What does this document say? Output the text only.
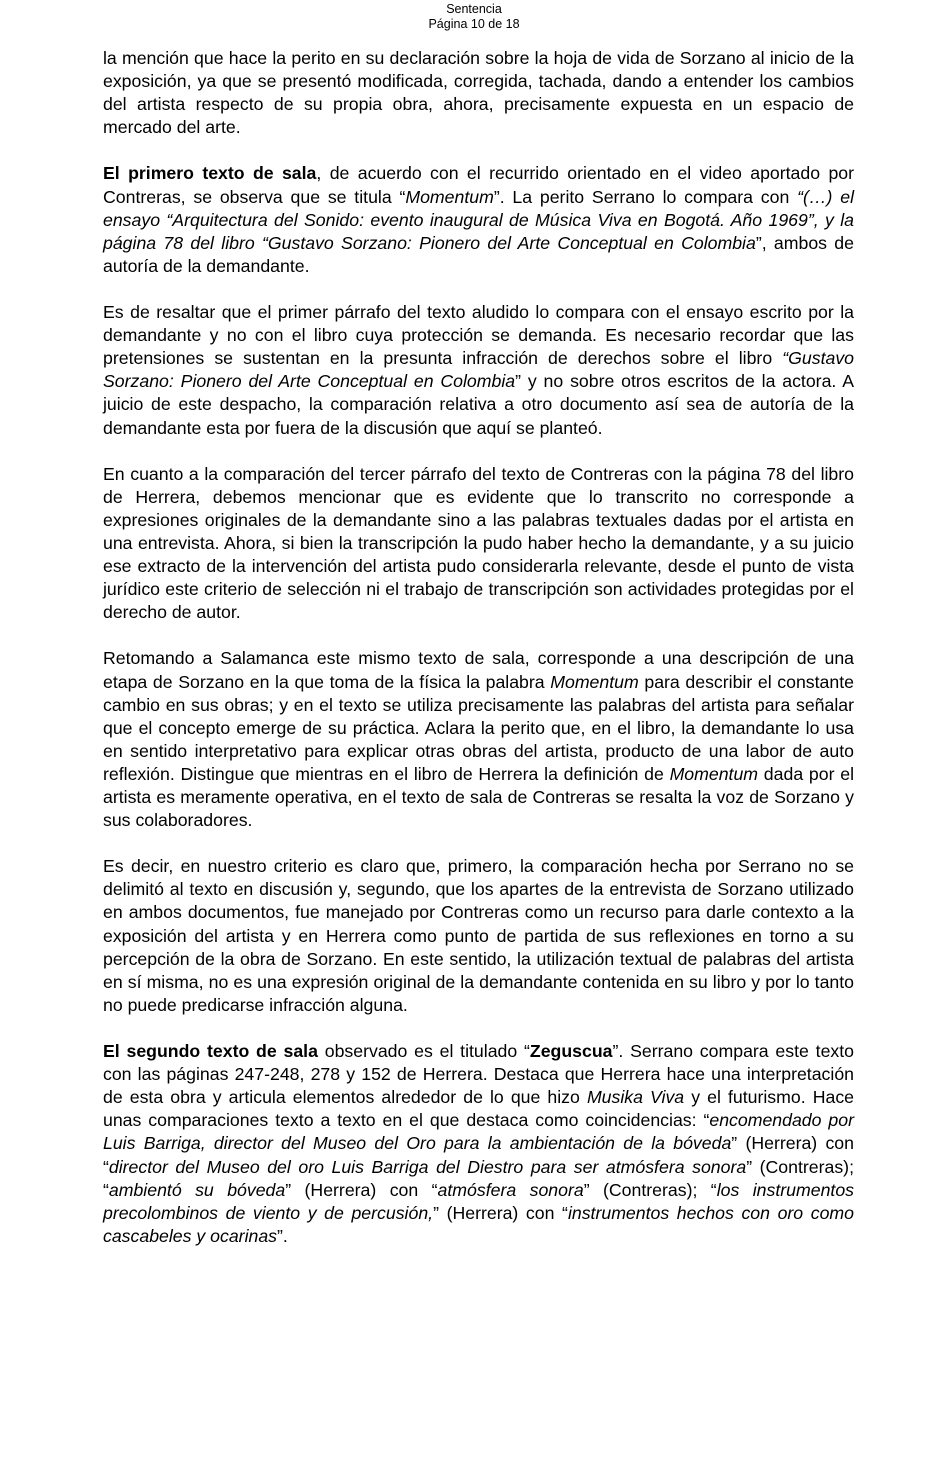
Sentencia
Página 10 de 18

la mención que hace la perito en su declaración sobre la hoja de vida de Sorzano al inicio de la exposición, ya que se presentó modificada, corregida, tachada, dando a entender los cambios del artista respecto de su propia obra, ahora, precisamente expuesta en un espacio de mercado del arte.

El primero texto de sala, de acuerdo con el recurrido orientado en el video aportado por Contreras, se observa que se titula “Momentum”. La perito Serrano lo compara con “(…) el ensayo “Arquitectura del Sonido: evento inaugural de Música Viva en Bogotá. Año 1969”, y la página 78 del libro “Gustavo Sorzano: Pionero del Arte Conceptual en Colombia”, ambos de autoría de la demandante.

Es de resaltar que el primer párrafo del texto aludido lo compara con el ensayo escrito por la demandante y no con el libro cuya protección se demanda. Es necesario recordar que las pretensiones se sustentan en la presunta infracción de derechos sobre el libro “Gustavo Sorzano: Pionero del Arte Conceptual en Colombia” y no sobre otros escritos de la actora. A juicio de este despacho, la comparación relativa a otro documento así sea de autoría de la demandante esta por fuera de la discusión que aquí se planteó.

En cuanto a la comparación del tercer párrafo del texto de Contreras con la página 78 del libro de Herrera, debemos mencionar que es evidente que lo transcrito no corresponde a expresiones originales de la demandante sino a las palabras textuales dadas por el artista en una entrevista. Ahora, si bien la transcripción la pudo haber hecho la demandante, y a su juicio ese extracto de la intervención del artista pudo considerarla relevante, desde el punto de vista jurídico este criterio de selección ni el trabajo de transcripción son actividades protegidas por el derecho de autor.

Retomando a Salamanca este mismo texto de sala, corresponde a una descripción de una etapa de Sorzano en la que toma de la física la palabra Momentum para describir el constante cambio en sus obras; y en el texto se utiliza precisamente las palabras del artista para señalar que el concepto emerge de su práctica. Aclara la perito que, en el libro, la demandante lo usa en sentido interpretativo para explicar otras obras del artista, producto de una labor de auto reflexión. Distingue que mientras en el libro de Herrera la definición de Momentum dada por el artista es meramente operativa, en el texto de sala de Contreras se resalta la voz de Sorzano y sus colaboradores.

Es decir, en nuestro criterio es claro que, primero, la comparación hecha por Serrano no se delimitó al texto en discusión y, segundo, que los apartes de la entrevista de Sorzano utilizado en ambos documentos, fue manejado por Contreras como un recurso para darle contexto a la exposición del artista y en Herrera como punto de partida de sus reflexiones en torno a su percepción de la obra de Sorzano. En este sentido, la utilización textual de palabras del artista en sí misma, no es una expresión original de la demandante contenida en su libro y por lo tanto no puede predicarse infracción alguna.

El segundo texto de sala observado es el titulado “Zeguscua”. Serrano compara este texto con las páginas 247-248, 278 y 152 de Herrera. Destaca que Herrera hace una interpretación de esta obra y articula elementos alrededor de lo que hizo Musika Viva y el futurismo. Hace unas comparaciones texto a texto en el que destaca como coincidencias: “encomendado por Luis Barriga, director del Museo del Oro para la ambientación de la bóveda” (Herrera) con “director del Museo del oro Luis Barriga del Diestro para ser atmósfera sonora” (Contreras); “ambientó su bóveda” (Herrera) con “atmósfera sonora” (Contreras); “los instrumentos precolombinos de viento y de percusión,” (Herrera) con “instrumentos hechos con oro como cascabeles y ocarinas”.
